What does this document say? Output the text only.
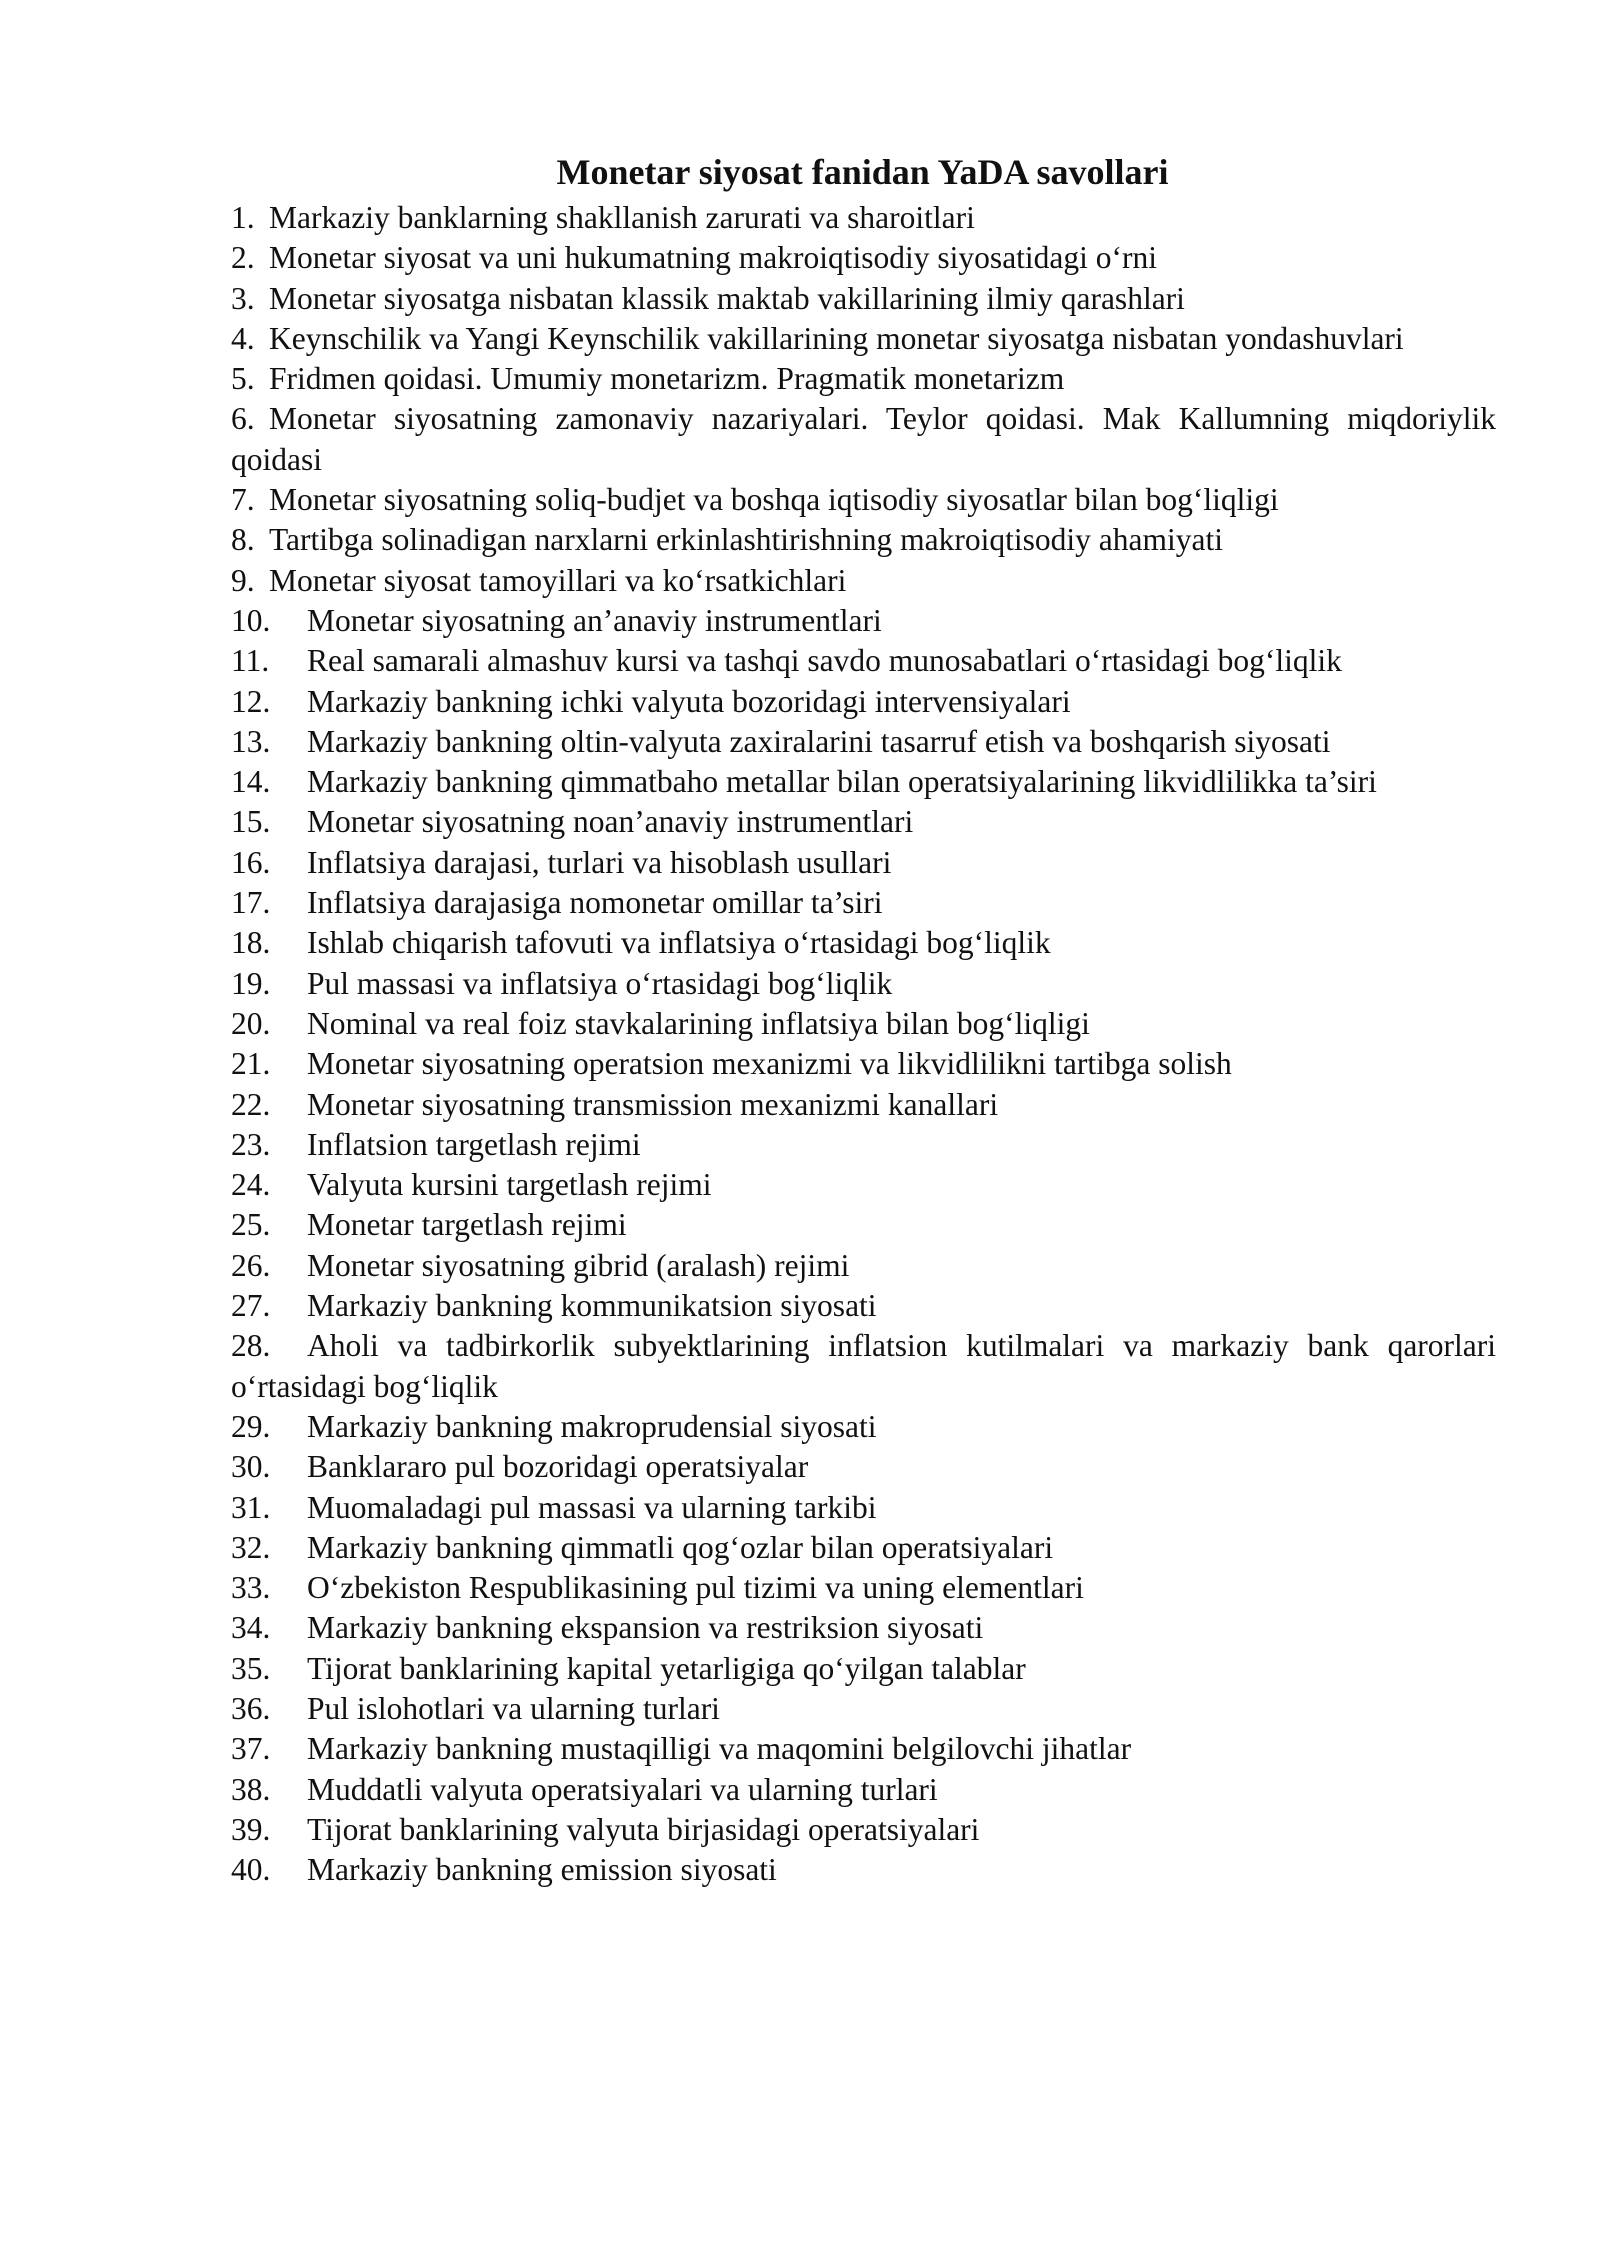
Monetar siyosat fanidan YaDA savollari
1. Markaziy banklarning shakllanish zarurati va sharoitlari
2. Monetar siyosat va uni hukumatning makroiqtisodiy siyosatidagi o‘rni
3. Monetar siyosatga nisbatan klassik maktab vakillarining ilmiy qarashlari
4. Keynschilik va Yangi Keynschilik vakillarining monetar siyosatga nisbatan yondashuvlari
5. Fridmen qoidasi. Umumiy monetarizm. Pragmatik monetarizm
6. Monetar siyosatning zamonaviy nazariyalari. Teylor qoidasi. Mak Kallumning miqdoriylik qoidasi
7. Monetar siyosatning soliq-budjet va boshqa iqtisodiy siyosatlar bilan bog‘liqligi
8. Tartibga solinadigan narxlarni erkinlashtirishning makroiqtisodiy ahamiyati
9. Monetar siyosat tamoyillari va ko‘rsatkichlari
10. Monetar siyosatning an’anaviy instrumentlari
11. Real samarali almashuv kursi va tashqi savdo munosabatlari o‘rtasidagi bog‘liqlik
12. Markaziy bankning ichki valyuta bozoridagi intervensiyalari
13. Markaziy bankning oltin-valyuta zaxiralarini tasarruf etish va boshqarish siyosati
14. Markaziy bankning qimmatbaho metallar bilan operatsiyalarining likvidlilikka ta’siri
15. Monetar siyosatning noan’anaviy instrumentlari
16. Inflatsiya darajasi, turlari va hisoblash usullari
17. Inflatsiya darajasiga nomonetar omillar ta’siri
18. Ishlab chiqarish tafovuti va inflatsiya o‘rtasidagi bog‘liqlik
19. Pul massasi va inflatsiya o‘rtasidagi bog‘liqlik
20. Nominal va real foiz stavkalarining inflatsiya bilan bog‘liqligi
21. Monetar siyosatning operatsion mexanizmi va likvidlilikni tartibga solish
22. Monetar siyosatning transmission mexanizmi kanallari
23. Inflatsion targetlash rejimi
24. Valyuta kursini targetlash rejimi
25. Monetar targetlash rejimi
26. Monetar siyosatning gibrid (aralash) rejimi
27. Markaziy bankning kommunikatsion siyosati
28. Aholi va tadbirkorlik subyektlarining inflatsion kutilmalari va markaziy bank qarorlari o‘rtasidagi bog‘liqlik
29. Markaziy bankning makroprudensial siyosati
30. Banklararo pul bozoridagi operatsiyalar
31. Muomaladagi pul massasi va ularning tarkibi
32. Markaziy bankning qimmatli qog‘ozlar bilan operatsiyalari
33. O‘zbekiston Respublikasining pul tizimi va uning elementlari
34. Markaziy bankning ekspansion va restriksion siyosati
35. Tijorat banklarining kapital yetarligiga qo‘yilgan talablar
36. Pul islohotlari va ularning turlari
37. Markaziy bankning mustaqilligi va maqomini belgilovchi jihatlar
38. Muddatli valyuta operatsiyalari va ularning turlari
39. Tijorat banklarining valyuta birjasidagi operatsiyalari
40. Markaziy bankning emission siyosati
